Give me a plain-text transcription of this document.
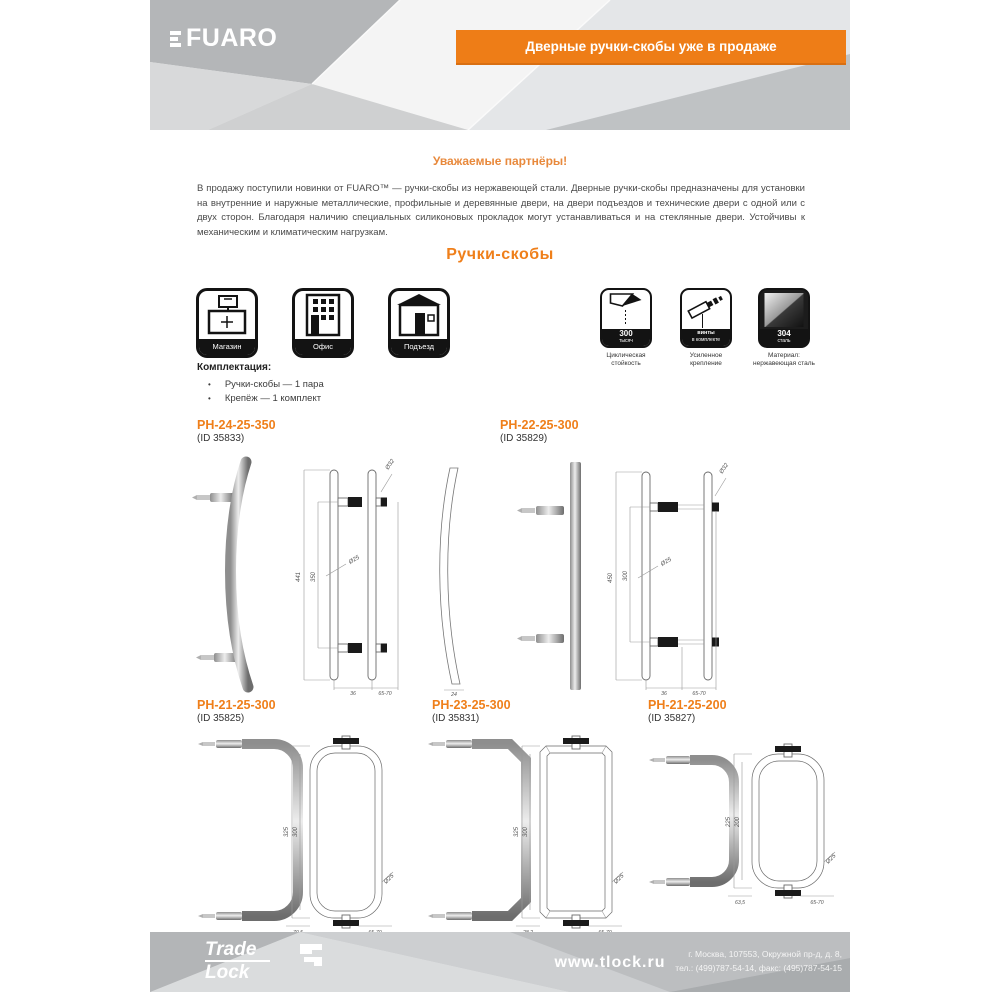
FUARO	Дверные ручки-скобы уже в продаже
Уважаемые партнёры!
В продажу поступили новинки от FUARO™ — ручки-скобы из нержавеющей стали. Дверные ручки-скобы предназначены для установки на внутренние и наружные металлические, профильные и деревянные двери, на двери подъездов и технические двери с одной или с двух сторон. Благодаря наличию специальных силиконовых прокладок могут устанавливаться и на стеклянные двери. Устойчивы к механическим и климатическим нагрузкам.
Ручки-скобы
Магазин	Офис	Подъезд
300
тысяч
Циклическая
стойкость
винты
в комплекте
Усиленное
крепление
304
сталь
Материал:
нержавеющая сталь
Комплектация:
• Ручки-скобы — 1 пара
• Крепёж — 1 комплект
PH-24-25-350
(ID 35833)
PH-22-25-300
(ID 35829)
441 350
Ø25
Ø32
36	65-70	24
450 300
Ø25
Ø32
36	65-70
PH-21-25-300
(ID 35825)
PH-23-25-300
(ID 35831)
PH-21-25-200
(ID 35827)
325 300
Ø25
325 300
Ø25
225 200
Ø25
63,5	65-70
Trade
Lock	www.tlock.ru	г. Москва, 107553, Окружной пр-д, д. 8,
тел.: (499)787-54-14, факс: (495)787-54-15
